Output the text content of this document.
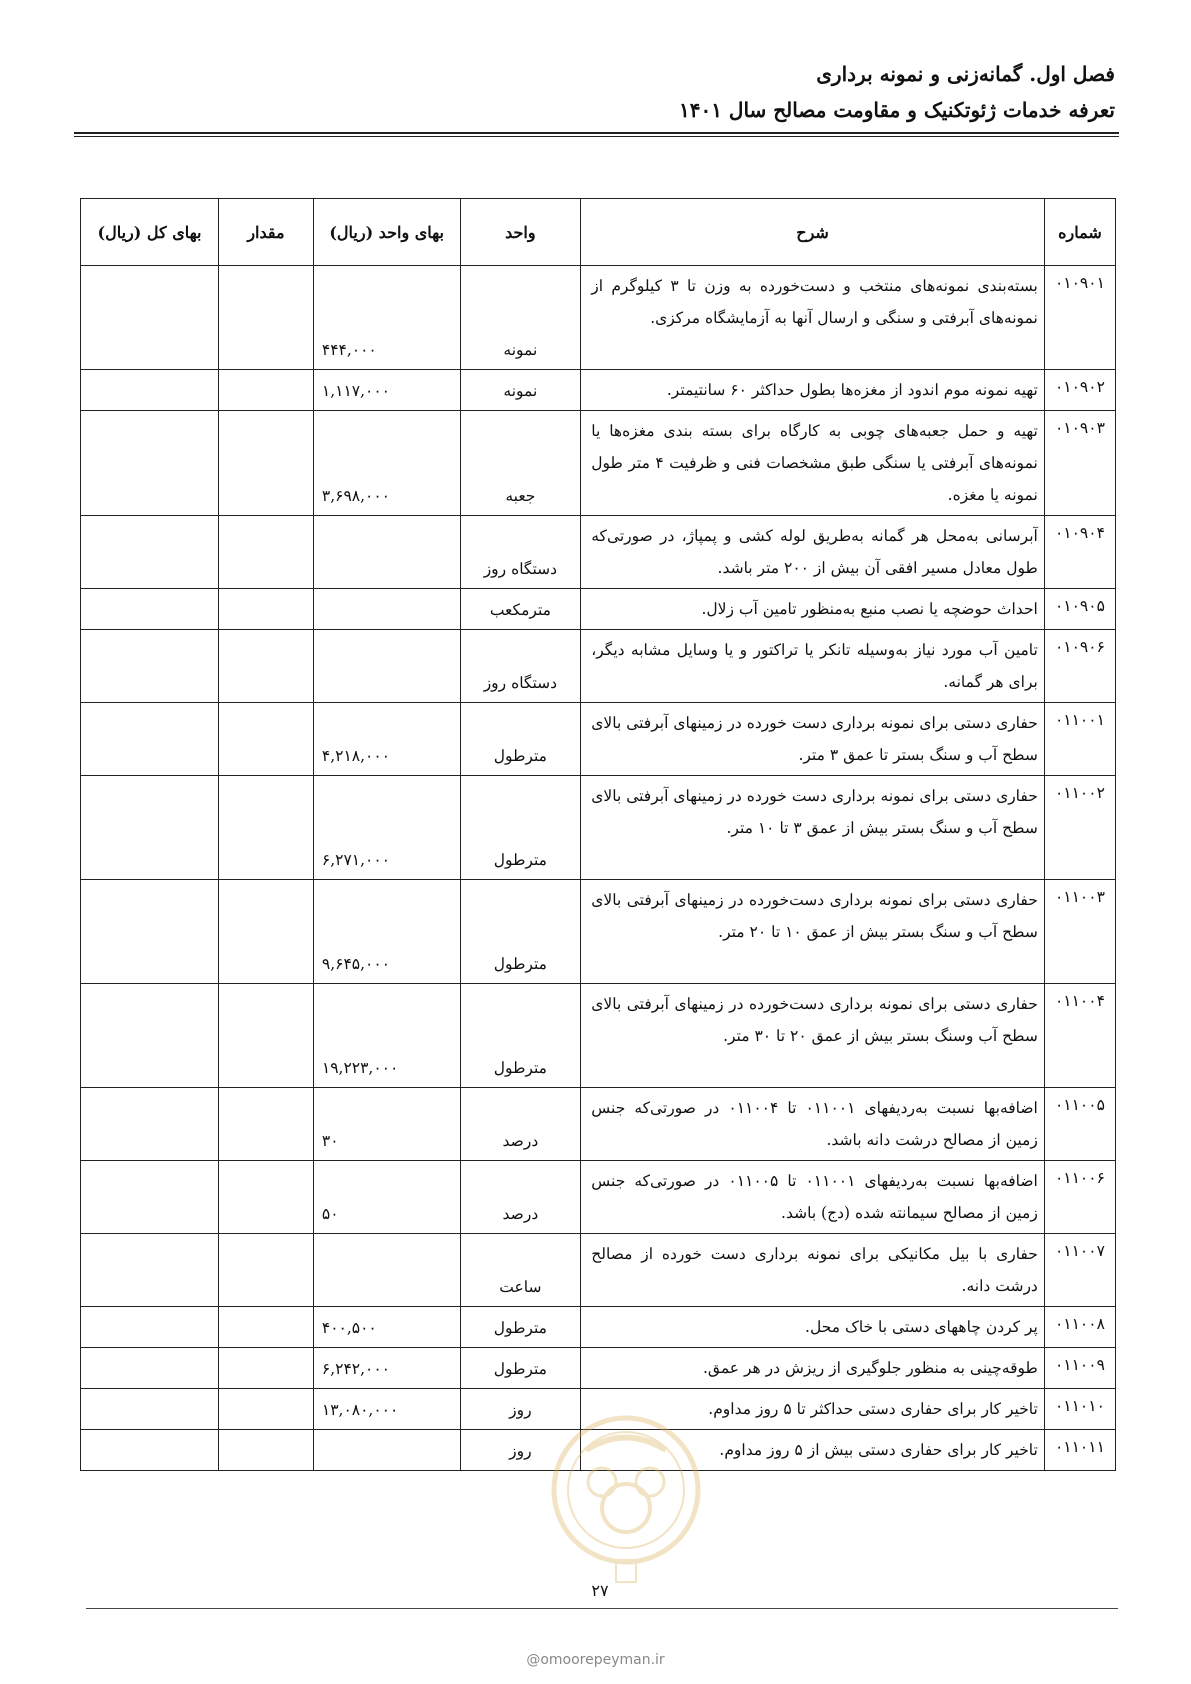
فصل اول. گمانه‌زنی و نمونه برداری
تعرفه خدمات ژئوتکنیک و مقاومت مصالح سال ۱۴۰۱
شماره	شرح	واحد	بهای واحد (ریال)	مقدار	بهای کل (ریال)
۰۱۰۹۰۱	بسته‌بندی نمونه‌های منتخب و دست‌خورده به وزن تا ۳ کیلوگرم از نمونه‌های آبرفتی و سنگی و ارسال آنها به آزمایشگاه مرکزی.	نمونه	۴۴۴,۰۰۰		
۰۱۰۹۰۲	تهیه نمونه موم اندود از مغزه‌ها بطول حداکثر ۶۰ سانتیمتر.	نمونه	۱,۱۱۷,۰۰۰		
۰۱۰۹۰۳	تهیه و حمل جعبه‌های چوبی به کارگاه برای بسته بندی مغزه‌ها یا نمونه‌های آبرفتی یا سنگی طبق مشخصات فنی و ظرفیت ۴ متر طول نمونه یا مغزه.	جعبه	۳,۶۹۸,۰۰۰		
۰۱۰۹۰۴	آبرسانی به‌محل هر گمانه به‌طریق لوله کشی و پمپاژ، در صورتی‌که طول معادل مسیر افقی آن بیش از ۲۰۰ متر باشد.	دستگاه روز			
۰۱۰۹۰۵	احداث حوضچه یا نصب منبع به‌منظور تامین آب زلال.	مترمکعب			
۰۱۰۹۰۶	تامین آب مورد نیاز به‌وسیله تانکر یا تراکتور و یا وسایل مشابه دیگر، برای هر گمانه.	دستگاه روز			
۰۱۱۰۰۱	حفاری دستی برای نمونه برداری دست خورده در زمینهای آبرفتی بالای سطح آب و سنگ بستر تا عمق ۳ متر.	مترطول	۴,۲۱۸,۰۰۰		
۰۱۱۰۰۲	حفاری دستی برای نمونه برداری دست خورده در زمینهای آبرفتی بالای سطح آب و سنگ بستر بیش از عمق ۳ تا ۱۰ متر.	مترطول	۶,۲۷۱,۰۰۰		
۰۱۱۰۰۳	حفاری دستی برای نمونه برداری دست‌خورده در زمینهای آبرفتی بالای سطح آب و سنگ بستر بیش از عمق ۱۰ تا ۲۰ متر.	مترطول	۹,۶۴۵,۰۰۰		
۰۱۱۰۰۴	حفاری دستی برای نمونه برداری دست‌خورده در زمینهای آبرفتی بالای سطح آب وسنگ بستر بیش از عمق ۲۰ تا ۳۰ متر.	مترطول	۱۹,۲۲۳,۰۰۰		
۰۱۱۰۰۵	اضافه‌بها نسبت به‌ردیفهای ۰۱۱۰۰۱ تا ۰۱۱۰۰۴ در صورتی‌که جنس زمین از مصالح درشت دانه باشد.	درصد	۳۰		
۰۱۱۰۰۶	اضافه‌بها نسبت به‌ردیفهای ۰۱۱۰۰۱ تا ۰۱۱۰۰۵ در صورتی‌که جنس زمین از مصالح سیمانته شده (دج) باشد.	درصد	۵۰		
۰۱۱۰۰۷	حفاری با بیل مکانیکی برای نمونه برداری دست خورده از مصالح درشت دانه.	ساعت			
۰۱۱۰۰۸	پر کردن چاههای دستی با خاک محل.	مترطول	۴۰۰,۵۰۰		
۰۱۱۰۰۹	طوقه‌چینی به منظور جلوگیری از ریزش در هر عمق.	مترطول	۶,۲۴۲,۰۰۰		
۰۱۱۰۱۰	تاخیر کار برای حفاری دستی حداکثر تا ۵ روز مداوم.	روز	۱۳,۰۸۰,۰۰۰		
۰۱۱۰۱۱	تاخیر کار برای حفاری دستی بیش از ۵ روز مداوم.	روز			
۲۷
@omoorepeyman.ir
